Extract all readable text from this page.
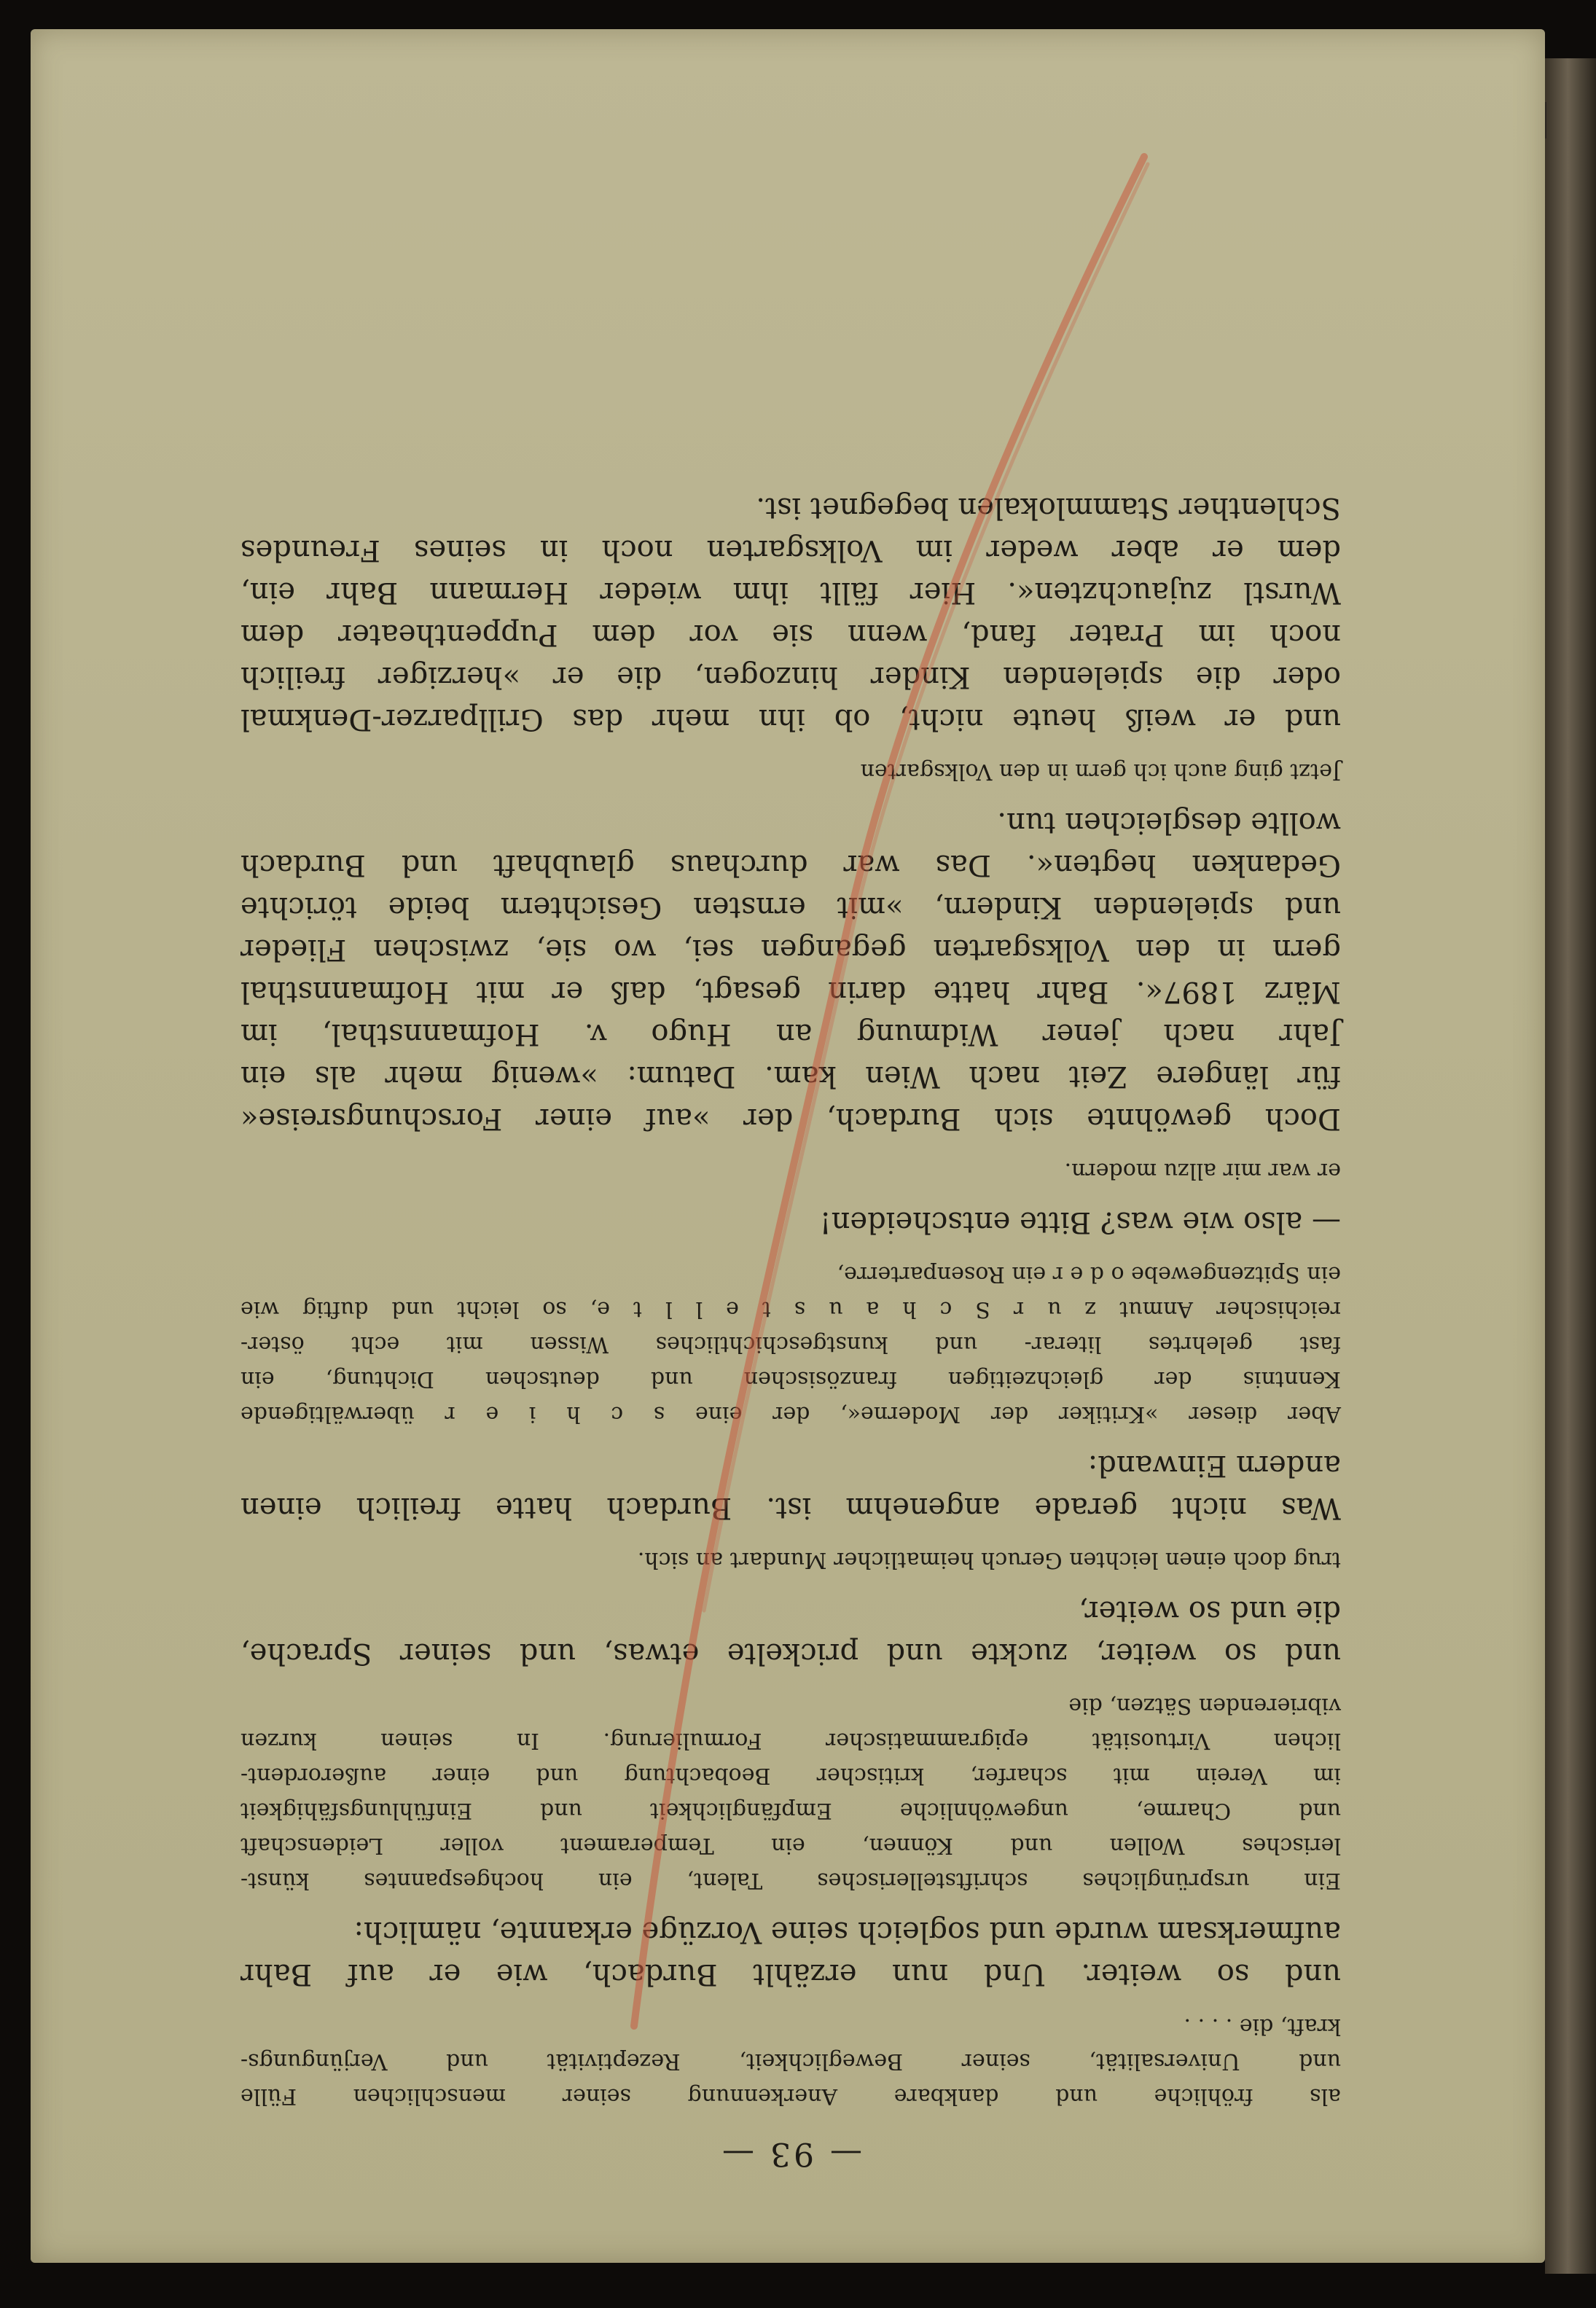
— 93 —
als fröhliche und dankbare Anerkennung seiner menschlichen Fülle
und Universalität, seiner Beweglichkeit, Rezeptivität und Verjüngungs-
kraft, die . . . .
und so weiter. Und nun erzählt Burdach, wie er auf Bahr
aufmerksam wurde und sogleich seine Vorzüge erkannte, nämlich:
Ein ursprüngliches schriftstellerisches Talent, ein hochgespanntes künst-
lerisches Wollen und Können, ein Temperament voller Leidenschaft
und Charme, ungewöhnliche Empfänglichkeit und Einfühlungsfähigkeit
im Verein mit scharfer, kritischer Beobachtung und einer außerordent-
lichen Virtuosität epigrammatischer Formulierung. In seinen kurzen
vibrierenden Sätzen, die
und so weiter, zuckte und prickelte etwas, und seiner Sprache,
die und so weiter,
trug doch einen leichten Geruch heimatlicher Mundart an sich.
Was nicht gerade angenehm ist. Burdach hatte freilich einen
andern Einwand:
Aber dieser »Kritiker der Moderne«, der eine s c h i e r überwältigende
Kenntnis der gleichzeitigen französischen und deutschen Dichtung, ein
fast gelehrtes literar- und kunstgeschichtliches Wissen mit echt öster-
reichischer Anmut z u r S c h a u s t e l l t e, so leicht und duftig wie
ein Spitzengewebe o d e r ein Rosenparterre,
— also wie was? Bitte entscheiden!
er war mir allzu modern.
Doch gewöhnte sich Burdach, der »auf einer Forschungsreise«
für längere Zeit nach Wien kam. Datum: »wenig mehr als ein
Jahr nach jener Widmung an Hugo v. Hofmannsthal, im
März 1897«. Bahr hatte darin gesagt, daß er mit Hofmannsthal
gern in den Volksgarten gegangen sei, wo sie, zwischen Flieder
und spielenden Kindern, »mit ernsten Gesichtern beide törichte
Gedanken hegten«. Das war durchaus glaubhaft und Burdach
wollte desgleichen tun.
Jetzt ging auch ich gern in den Volksgarten
und er weiß heute nicht, ob ihn mehr das Grillparzer-Denkmal
oder die spielenden Kinder hinzogen, die er »herziger freilich
noch im Prater fand, wenn sie vor dem Puppentheater dem
Wurstl zujauchzten«. Hier fällt ihm wieder Hermann Bahr ein,
dem er aber weder im Volksgarten noch in seines Freundes
Schlenther Stammlokalen begegnet ist.
